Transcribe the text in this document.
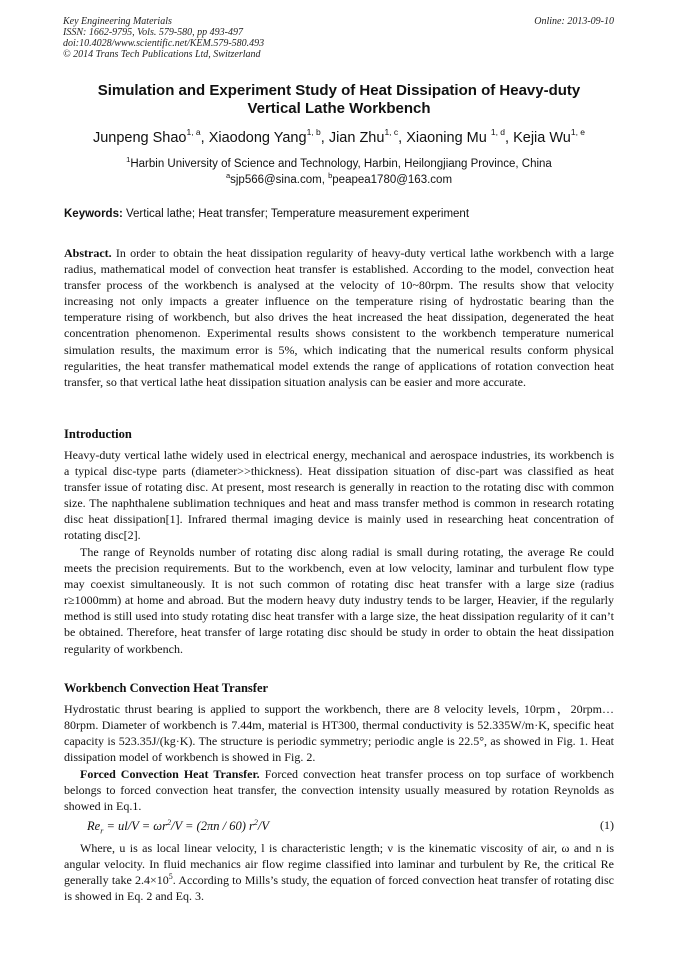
Key Engineering Materials
ISSN: 1662-9795, Vols. 579-580, pp 493-497
doi:10.4028/www.scientific.net/KEM.579-580.493
© 2014 Trans Tech Publications Ltd, Switzerland
Online: 2013-09-10
Simulation and Experiment Study of Heat Dissipation of Heavy-duty
Vertical Lathe Workbench
Junpeng Shao$^{1, a}$, Xiaodong Yang$^{1, b}$, Jian Zhu$^{1, c}$, Xiaoning Mu $^{1, d}$, Kejia Wu$^{1, e}$
$^1$Harbin University of Science and Technology, Harbin, Heilongjiang Province, China
$^a$sjp566@sina.com, $^b$peapea1780@163.com
Keywords: Vertical lathe; Heat transfer; Temperature measurement experiment
Abstract. In order to obtain the heat dissipation regularity of heavy-duty vertical lathe workbench with a large radius, mathematical model of convection heat transfer is established. According to the model, convection heat transfer process of the workbench is analysed at the velocity of 10~80rpm. The results show that velocity increasing not only impacts a greater influence on the temperature rising of hydrostatic bearing than the temperature rising of workbench, but also drives the heat increased the heat dissipation, degenerated the heat concentration phenomenon. Experimental results shows consistent to the workbench temperature numerical simulation results, the maximum error is 5%, which indicating that the numerical results conform physical regularities, the heat transfer mathematical model extends the range of applications of rotation convection heat transfer, so that vertical lathe heat dissipation situation analysis can be easier and more accurate.
Introduction
Heavy-duty vertical lathe widely used in electrical energy, mechanical and aerospace industries, its workbench is a typical disc-type parts (diameter>>thickness). Heat dissipation situation of disc-part was classified as heat transfer issue of rotating disc. At present, most research is generally in reaction to the rotating disc with common size. The naphthalene sublimation techniques and heat and mass transfer method is common in research rotating disc heat dissipation[1]. Infrared thermal imaging device is mainly used in researching heat concentration of rotating disc[2].
The range of Reynolds number of rotating disc along radial is small during rotating, the average Re could meets the precision requirements. But to the workbench, even at low velocity, laminar and turbulent flow type may coexist simultaneously. It is not such common of rotating disc heat transfer with a large size (radius r≥1000mm) at home and abroad. But the modern heavy duty industry tends to be larger, Heavier, if the regularly method is still used into study rotating disc heat transfer with a large size, the heat dissipation regularity of it can’t be obtained. Therefore, heat transfer of large rotating disc should be study in order to obtain the heat dissipation regularity of workbench.
Workbench Convection Heat Transfer
Hydrostatic thrust bearing is applied to support the workbench, there are 8 velocity levels, 10rpm，20rpm…80rpm. Diameter of workbench is 7.44m, material is HT300, thermal conductivity is 52.335W/m·K, specific heat capacity is 523.35J/(kg·K). The structure is periodic symmetry; periodic angle is 22.5°, as showed in Fig. 1. Heat dissipation model of workbench is showed in Fig. 2.
Forced Convection Heat Transfer. Forced convection heat transfer process on top surface of workbench belongs to forced convection heat transfer, the convection intensity usually measured by rotation Reynolds as showed in Eq.1.
$Re_r = ul/V = \omega r^2/V = (2\pi n / 60)$ $r^2/V$	(1)
Where, u is as local linear velocity, l is characteristic length; ν is the kinematic viscosity of air, ω and n is angular velocity. In fluid mechanics air flow regime classified into laminar and turbulent by Re, the critical Re generally take $2.4\times 10^5$. According to Mills’s study, the equation of forced convection heat transfer of rotating disc is showed in Eq. 2 and Eq. 3.
